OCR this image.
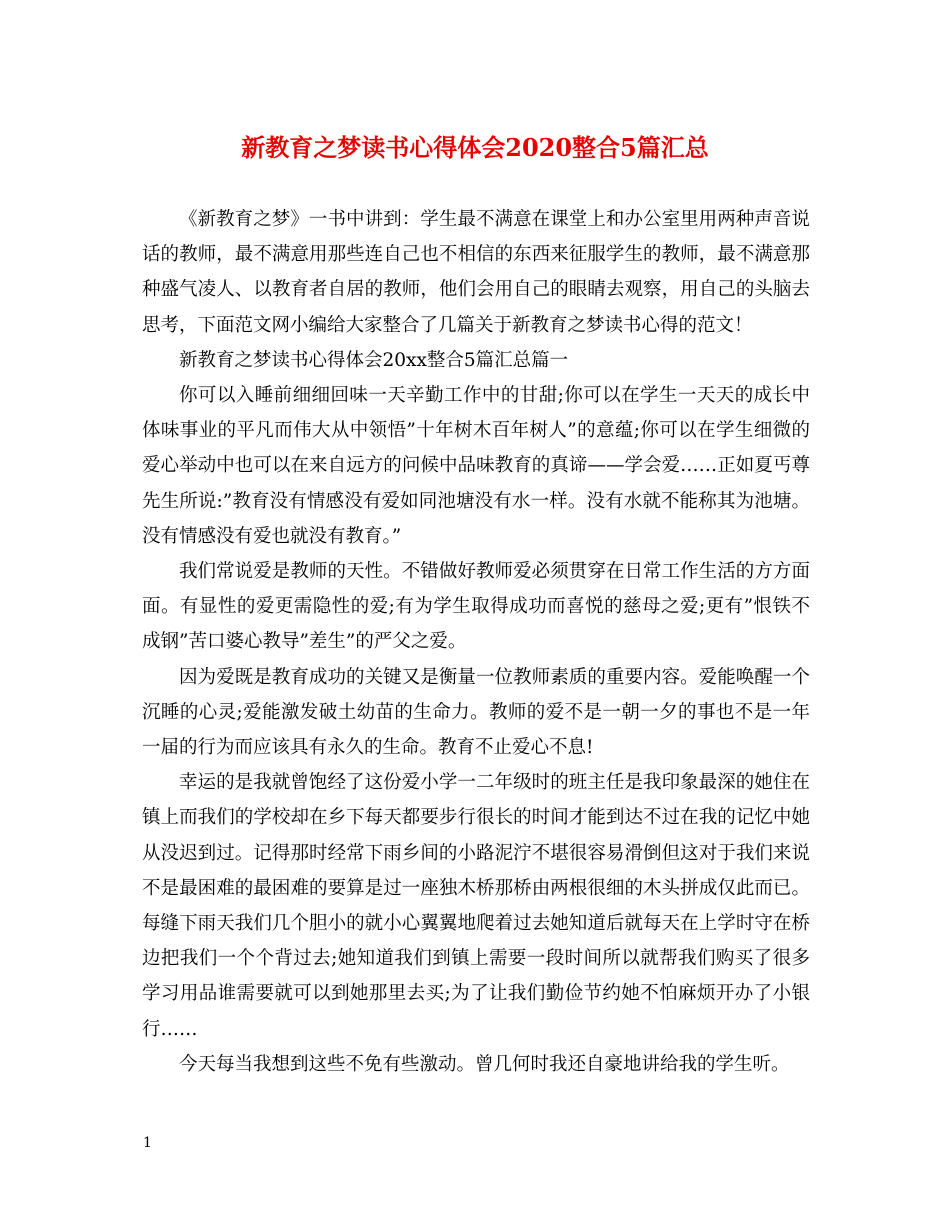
新教育之梦读书心得体会2020整合5篇汇总

《新教育之梦》一书中讲到：学生最不满意在课堂上和办公室里用两种声音说话的教师，最不满意用那些连自己也不相信的东西来征服学生的教师，最不满意那种盛气凌人、以教育者自居的教师，他们会用自己的眼睛去观察，用自己的头脑去思考，下面范文网小编给大家整合了几篇关于新教育之梦读书心得的范文！

新教育之梦读书心得体会20xx整合5篇汇总篇一

你可以入睡前细细回味一天辛勤工作中的甘甜;你可以在学生一天天的成长中体味事业的平凡而伟大从中领悟”十年树木百年树人”的意蕴;你可以在学生细微的爱心举动中也可以在来自远方的问候中品味教育的真谛——学会爱……正如夏丐尊先生所说:”教育没有情感没有爱如同池塘没有水一样。没有水就不能称其为池塘。没有情感没有爱也就没有教育。”

我们常说爱是教师的天性。不错做好教师爱必须贯穿在日常工作生活的方方面面。有显性的爱更需隐性的爱;有为学生取得成功而喜悦的慈母之爱;更有”恨铁不成钢”苦口婆心教导”差生”的严父之爱。

因为爱既是教育成功的关键又是衡量一位教师素质的重要内容。爱能唤醒一个沉睡的心灵;爱能激发破土幼苗的生命力。教师的爱不是一朝一夕的事也不是一年一届的行为而应该具有永久的生命。教育不止爱心不息!

幸运的是我就曾饱经了这份爱小学一二年级时的班主任是我印象最深的她住在镇上而我们的学校却在乡下每天都要步行很长的时间才能到达不过在我的记忆中她从没迟到过。记得那时经常下雨乡间的小路泥泞不堪很容易滑倒但这对于我们来说不是最困难的最困难的要算是过一座独木桥那桥由两根很细的木头拼成仅此而已。每缝下雨天我们几个胆小的就小心翼翼地爬着过去她知道后就每天在上学时守在桥边把我们一个个背过去;她知道我们到镇上需要一段时间所以就帮我们购买了很多学习用品谁需要就可以到她那里去买;为了让我们勤俭节约她不怕麻烦开办了小银行……

今天每当我想到这些不免有些激动。曾几何时我还自豪地讲给我的学生听。

1
